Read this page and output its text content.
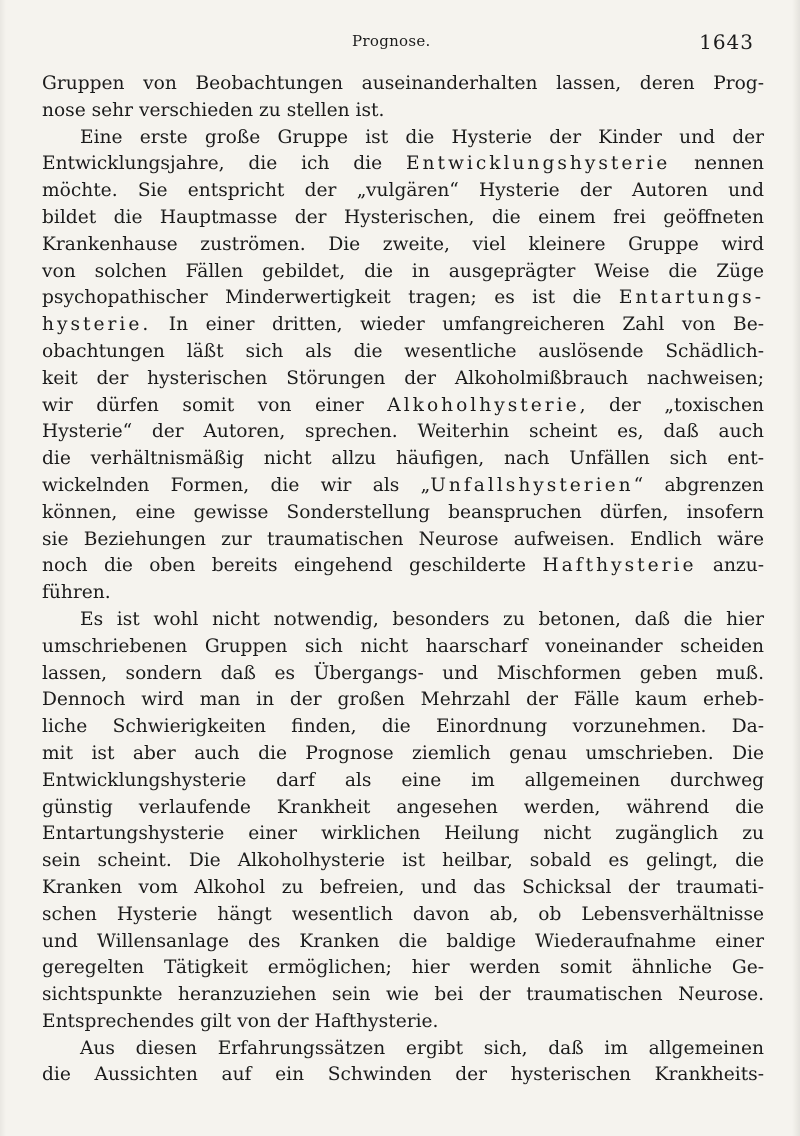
Prognose.	1643
Gruppen von Beobachtungen auseinanderhalten lassen, deren Prog-
nose sehr verschieden zu stellen ist.
Eine erste große Gruppe ist die Hysterie der Kinder und der
Entwicklungsjahre, die ich die Entwicklungshysterie nennen
möchte. Sie entspricht der „vulgären“ Hysterie der Autoren und
bildet die Hauptmasse der Hysterischen, die einem frei geöffneten
Krankenhause zuströmen. Die zweite, viel kleinere Gruppe wird
von solchen Fällen gebildet, die in ausgeprägter Weise die Züge
psychopathischer Minderwertigkeit tragen; es ist die Entartungs-
hysterie. In einer dritten, wieder umfangreicheren Zahl von Be-
obachtungen läßt sich als die wesentliche auslösende Schädlich-
keit der hysterischen Störungen der Alkoholmißbrauch nachweisen;
wir dürfen somit von einer Alkoholhysterie, der „toxischen
Hysterie“ der Autoren, sprechen. Weiterhin scheint es, daß auch
die verhältnismäßig nicht allzu häufigen, nach Unfällen sich ent-
wickelnden Formen, die wir als „Unfallshysterien“ abgrenzen
können, eine gewisse Sonderstellung beanspruchen dürfen, insofern
sie Beziehungen zur traumatischen Neurose aufweisen. Endlich wäre
noch die oben bereits eingehend geschilderte Hafthysterie anzu-
führen.
Es ist wohl nicht notwendig, besonders zu betonen, daß die hier
umschriebenen Gruppen sich nicht haarscharf voneinander scheiden
lassen, sondern daß es Übergangs- und Mischformen geben muß.
Dennoch wird man in der großen Mehrzahl der Fälle kaum erheb-
liche Schwierigkeiten finden, die Einordnung vorzunehmen. Da-
mit ist aber auch die Prognose ziemlich genau umschrieben. Die
Entwicklungshysterie darf als eine im allgemeinen durchweg
günstig verlaufende Krankheit angesehen werden, während die
Entartungshysterie einer wirklichen Heilung nicht zugänglich zu
sein scheint. Die Alkoholhysterie ist heilbar, sobald es gelingt, die
Kranken vom Alkohol zu befreien, und das Schicksal der traumati-
schen Hysterie hängt wesentlich davon ab, ob Lebensverhältnisse
und Willensanlage des Kranken die baldige Wiederaufnahme einer
geregelten Tätigkeit ermöglichen; hier werden somit ähnliche Ge-
sichtspunkte heranzuziehen sein wie bei der traumatischen Neurose.
Entsprechendes gilt von der Hafthysterie.
Aus diesen Erfahrungssätzen ergibt sich, daß im allgemeinen
die Aussichten auf ein Schwinden der hysterischen Krankheits-
